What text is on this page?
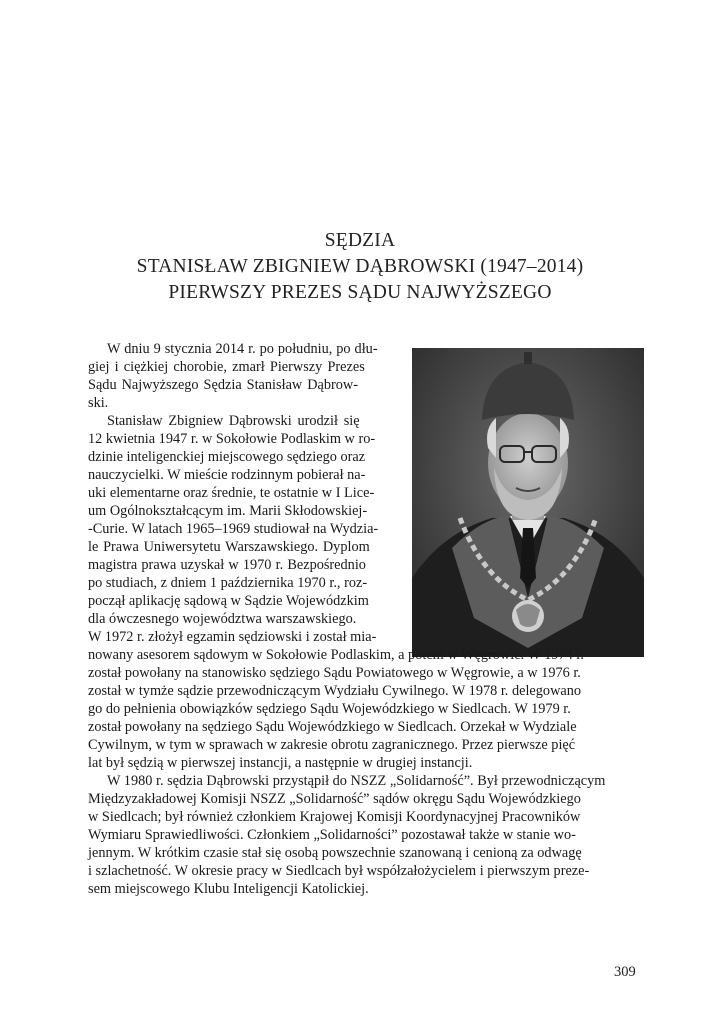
SĘDZIA
STANISŁAW ZBIGNIEW DĄBROWSKI (1947–2014)
PIERWSZY PREZES SĄDU NAJWYŻSZEGO
W dniu 9 stycznia 2014 r. po południu, po dłu-
giej i ciężkiej chorobie, zmarł Pierwszy Prezes
Sądu Najwyższego Sędzia Stanisław Dąbrow-
ski.
Stanisław Zbigniew Dąbrowski urodził się
12 kwietnia 1947 r. w Sokołowie Podlaskim w ro-
dzinie inteligenckiej miejscowego sędziego oraz
nauczycielki. W mieście rodzinnym pobierał na-
uki elementarne oraz średnie, te ostatnie w I Lice-
um Ogólnokształcącym im. Marii Skłodowskiej-
-Curie. W latach 1965–1969 studiował na Wydzia-
le Prawa Uniwersytetu Warszawskiego. Dyplom
magistra prawa uzyskał w 1970 r. Bezpośrednio
po studiach, z dniem 1 października 1970 r., roz-
począł aplikację sądową w Sądzie Wojewódzkim
dla ówczesnego województwa warszawskiego.
W 1972 r. złożył egzamin sędziowski i został mia-
nowany asesorem sądowym w Sokołowie Podlaskim, a potem w Węgrowie. W 1974 r.
został powołany na stanowisko sędziego Sądu Powiatowego w Węgrowie, a w 1976 r.
został w tymże sądzie przewodniczącym Wydziału Cywilnego. W 1978 r. delegowano
go do pełnienia obowiązków sędziego Sądu Wojewódzkiego w Siedlcach. W 1979 r.
został powołany na sędziego Sądu Wojewódzkiego w Siedlcach. Orzekał w Wydziale
Cywilnym, w tym w sprawach w zakresie obrotu zagranicznego. Przez pierwsze pięć
lat był sędzią w pierwszej instancji, a następnie w drugiej instancji.
W 1980 r. sędzia Dąbrowski przystąpił do NSZZ „Solidarność”. Był przewodniczącym
Międzyzakładowej Komisji NSZZ „Solidarność” sądów okręgu Sądu Wojewódzkiego
w Siedlcach; był również członkiem Krajowej Komisji Koordynacyjnej Pracowników
Wymiaru Sprawiedliwości. Członkiem „Solidarności” pozostawał także w stanie wo-
jennym. W krótkim czasie stał się osobą powszechnie szanowaną i cenioną za odwagę
i szlachetność. W okresie pracy w Siedlcach był współzałożycielem i pierwszym preze-
sem miejscowego Klubu Inteligencji Katolickiej.
309
